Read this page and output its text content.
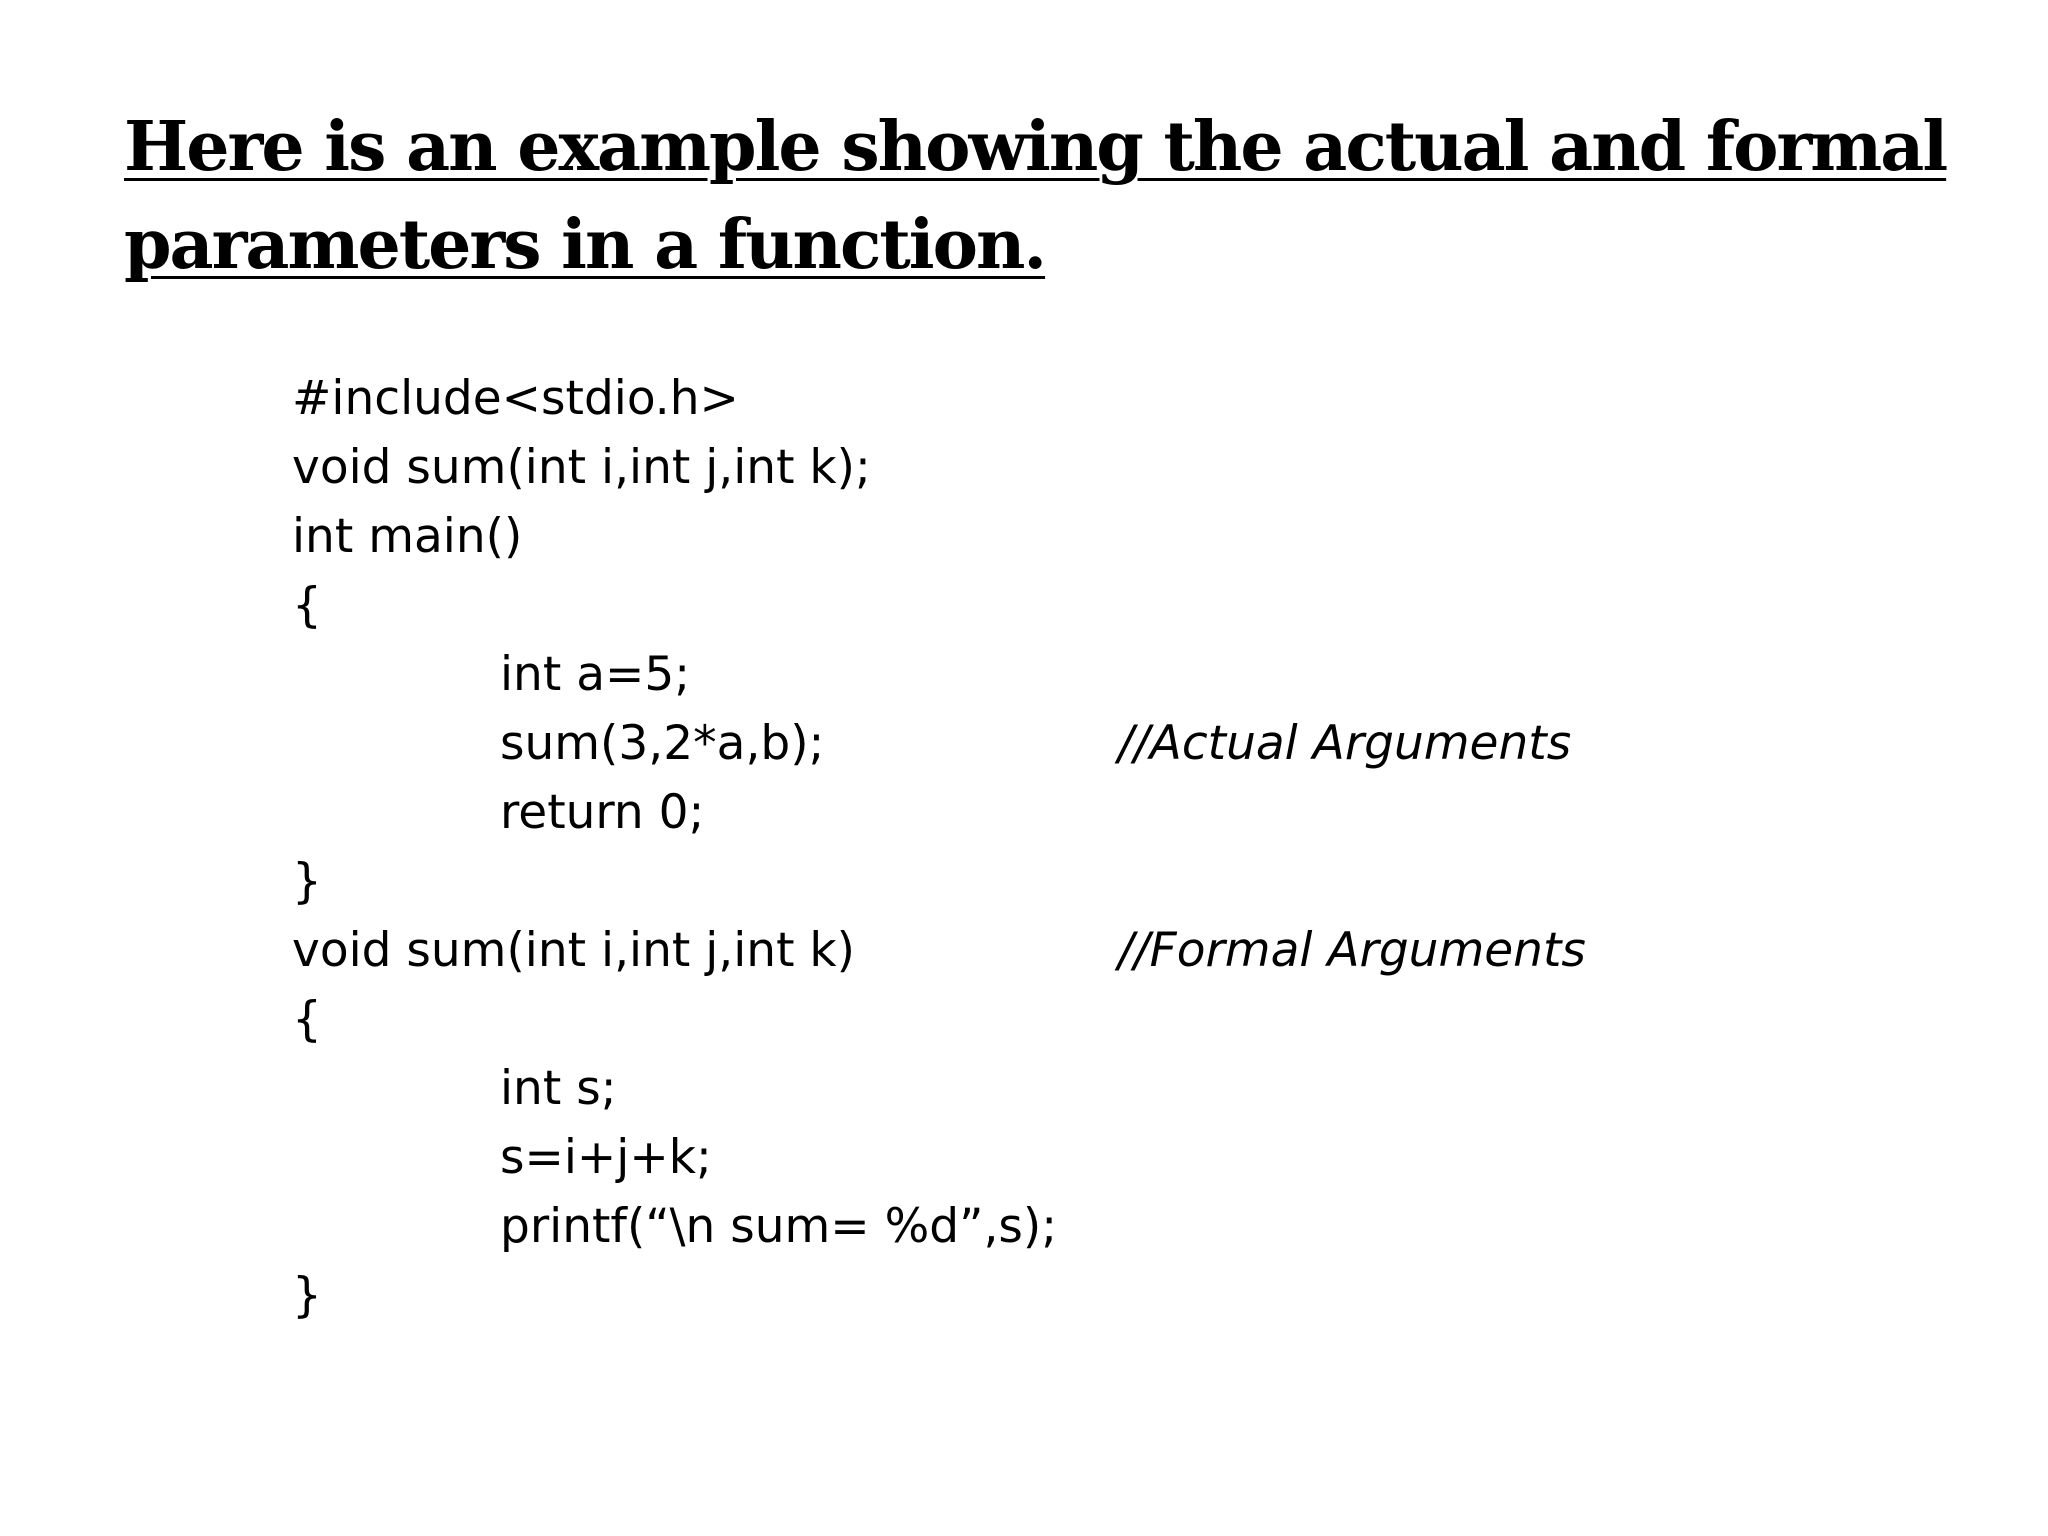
Here is an example showing the actual and formal
parameters in a function.
#include<stdio.h>
void sum(int i,int j,int k);
int main()
{
int a=5;
sum(3,2*a,b);	//Actual Arguments
return 0;
}
void sum(int i,int j,int k)	//Formal Arguments
{
int s;
s=i+j+k;
printf(“\n sum= %d”,s);
}
